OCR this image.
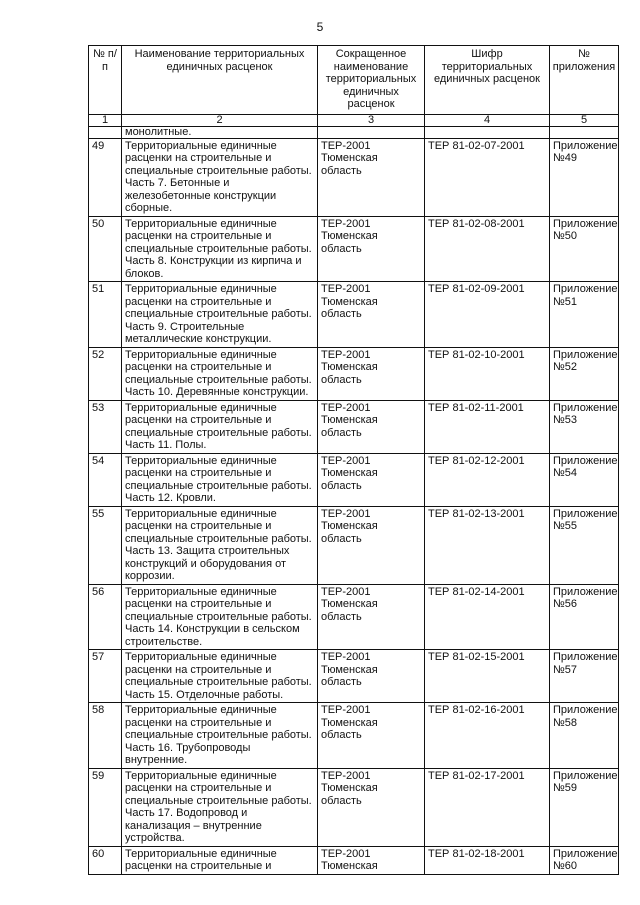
5
№ п/п	Наименование территориальных единичных расценок	Сокращенное наименование территориальных единичных расценок	Шифр территориальных единичных расценок	№ приложения
1	2	3	4	5
	монолитные.			
49	Территориальные единичные расценки на строительные и специальные строительные работы. Часть 7. Бетонные и железобетонные конструкции сборные.	ТЕР-2001 Тюменская область	ТЕР 81-02-07-2001	Приложение №49
50	Территориальные единичные расценки на строительные и специальные строительные работы. Часть 8. Конструкции из кирпича и блоков.	ТЕР-2001 Тюменская область	ТЕР 81-02-08-2001	Приложение №50
51	Территориальные единичные расценки на строительные и специальные строительные работы. Часть 9. Строительные металлические конструкции.	ТЕР-2001 Тюменская область	ТЕР 81-02-09-2001	Приложение №51
52	Территориальные единичные расценки на строительные и специальные строительные работы. Часть 10. Деревянные конструкции.	ТЕР-2001 Тюменская область	ТЕР 81-02-10-2001	Приложение №52
53	Территориальные единичные расценки на строительные и специальные строительные работы. Часть 11. Полы.	ТЕР-2001 Тюменская область	ТЕР 81-02-11-2001	Приложение №53
54	Территориальные единичные расценки на строительные и специальные строительные работы. Часть 12. Кровли.	ТЕР-2001 Тюменская область	ТЕР 81-02-12-2001	Приложение №54
55	Территориальные единичные расценки на строительные и специальные строительные работы. Часть 13. Защита строительных конструкций и оборудования от коррозии.	ТЕР-2001 Тюменская область	ТЕР 81-02-13-2001	Приложение №55
56	Территориальные единичные расценки на строительные и специальные строительные работы. Часть 14. Конструкции в сельском строительстве.	ТЕР-2001 Тюменская область	ТЕР 81-02-14-2001	Приложение №56
57	Территориальные единичные расценки на строительные и специальные строительные работы. Часть 15. Отделочные работы.	ТЕР-2001 Тюменская область	ТЕР 81-02-15-2001	Приложение №57
58	Территориальные единичные расценки на строительные и специальные строительные работы. Часть 16. Трубопроводы внутренние.	ТЕР-2001 Тюменская область	ТЕР 81-02-16-2001	Приложение №58
59	Территориальные единичные расценки на строительные и специальные строительные работы. Часть 17. Водопровод и канализация – внутренние устройства.	ТЕР-2001 Тюменская область	ТЕР 81-02-17-2001	Приложение №59
60	Территориальные единичные расценки на строительные и	ТЕР-2001 Тюменская	ТЕР 81-02-18-2001	Приложение №60
